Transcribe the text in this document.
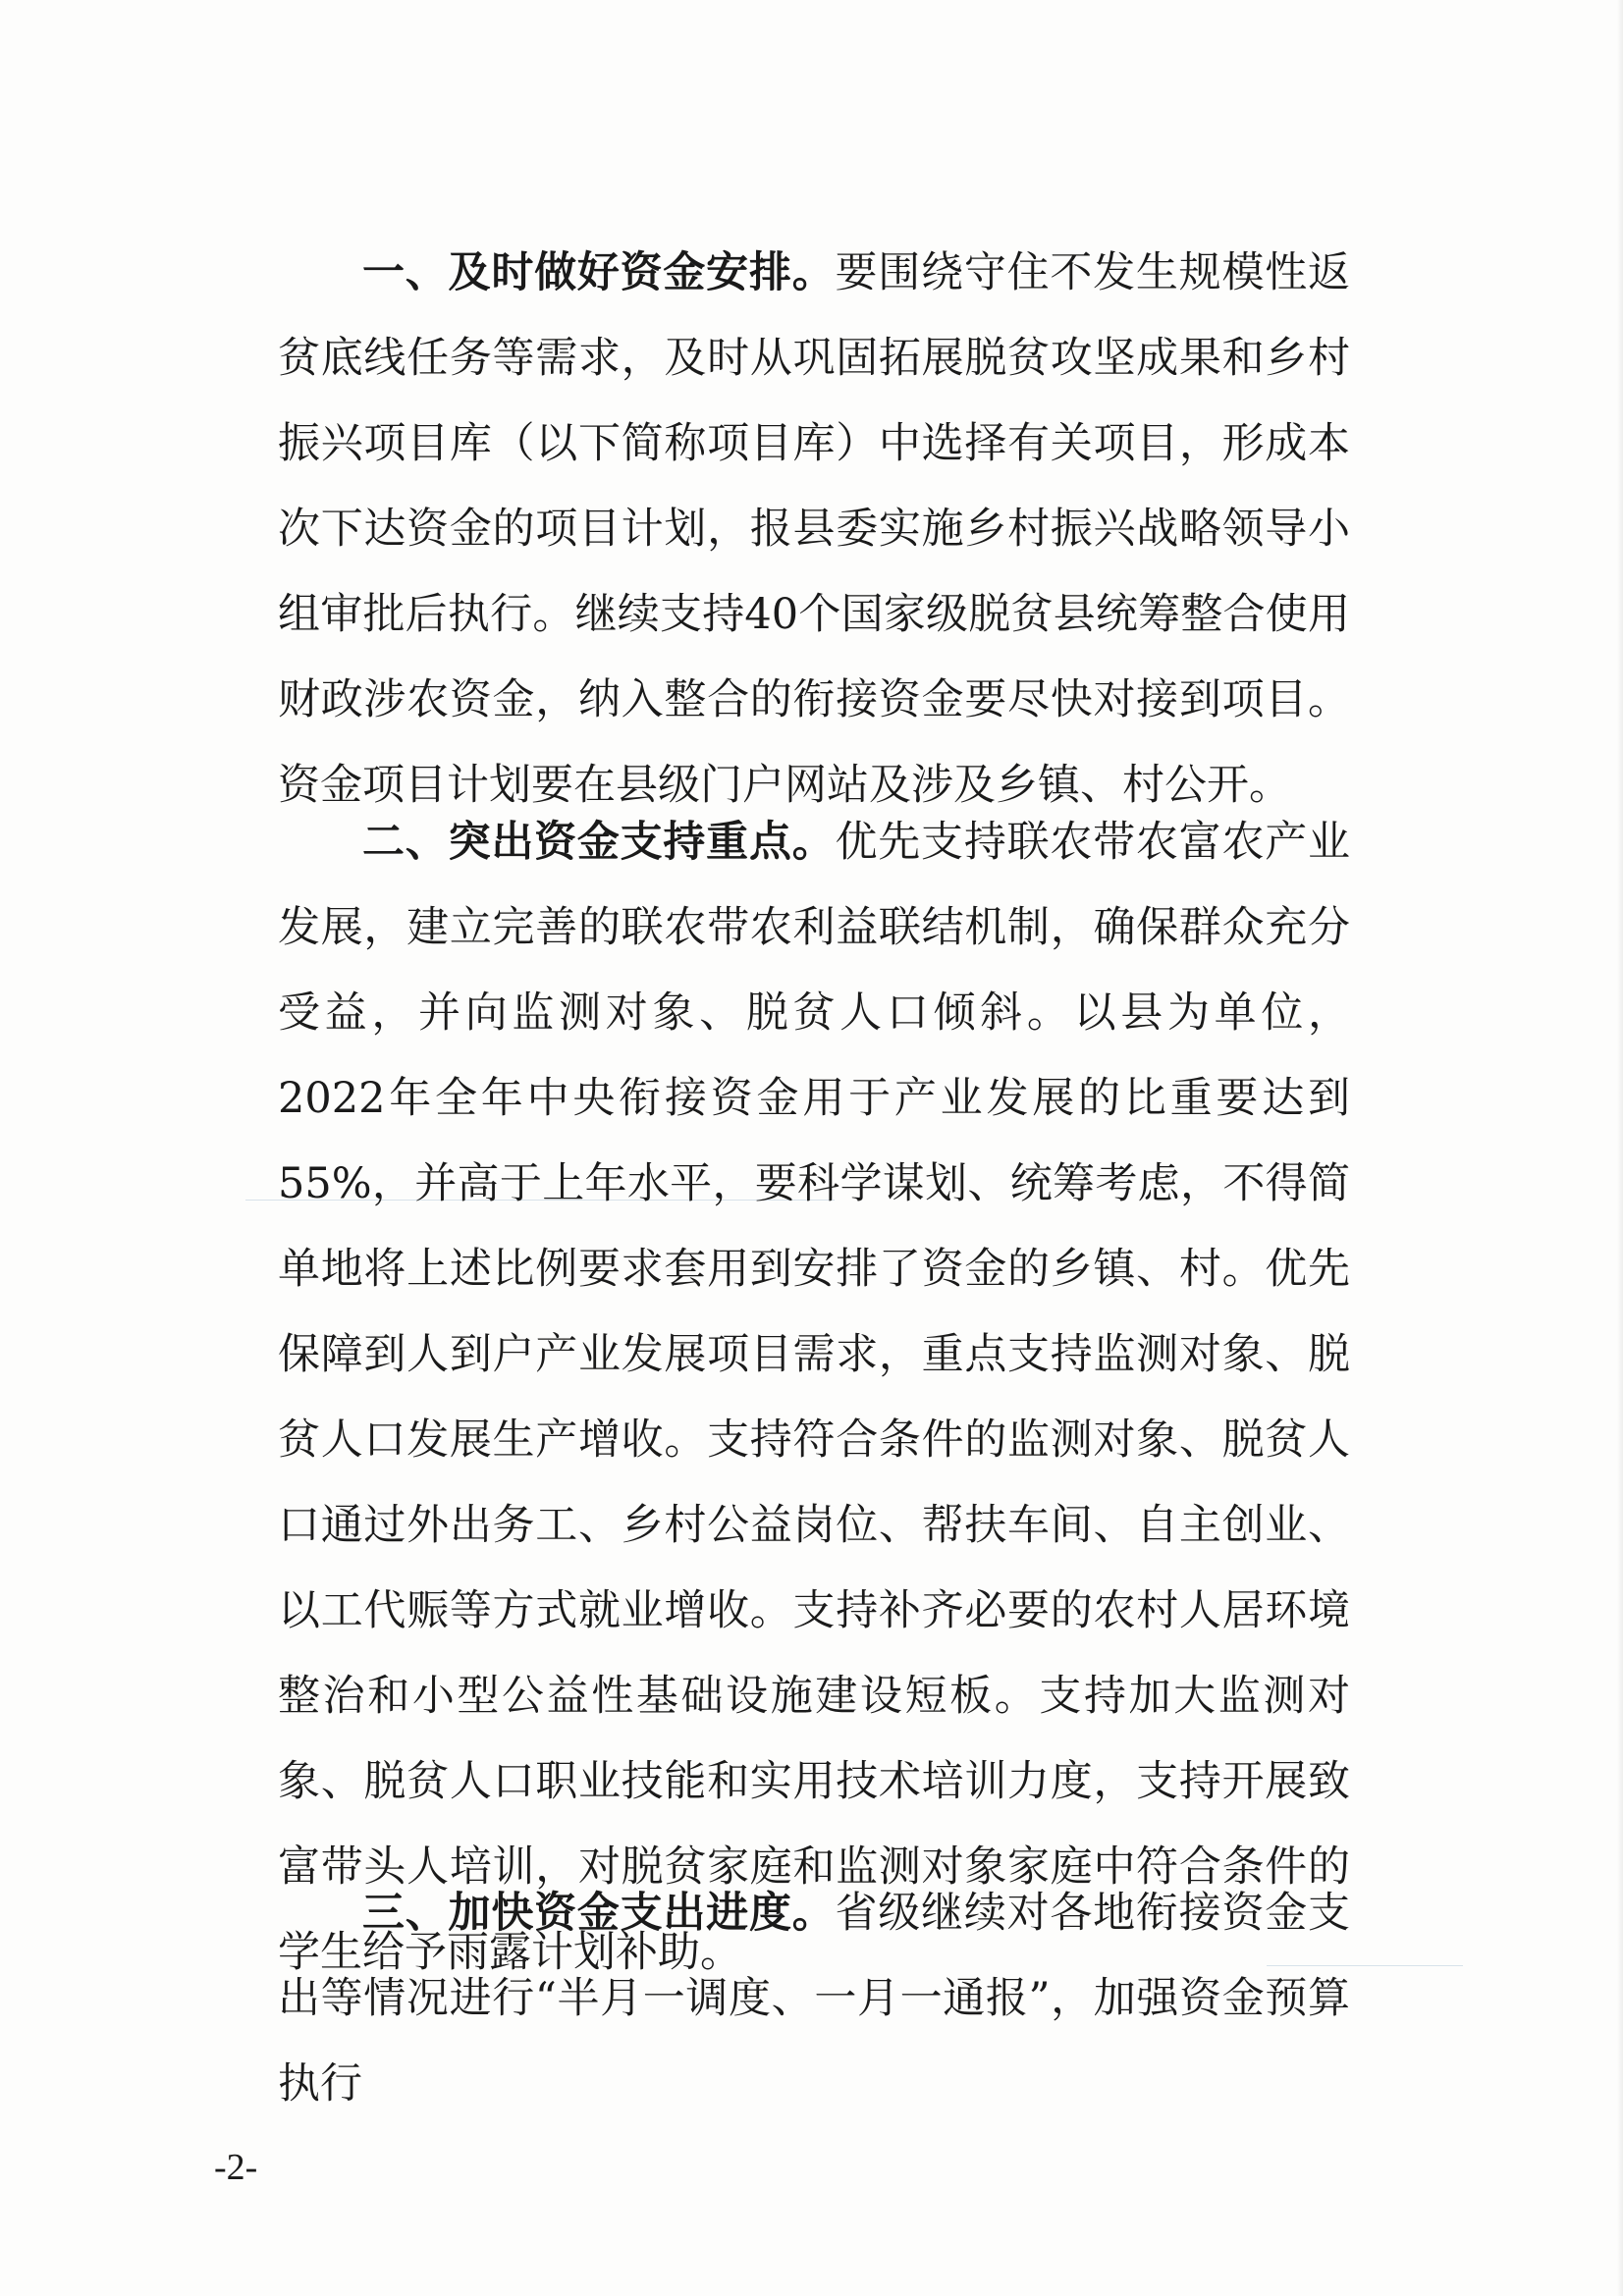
一、及时做好资金安排。要围绕守住不发生规模性返贫底线任务等需求，及时从巩固拓展脱贫攻坚成果和乡村振兴项目库（以下简称项目库）中选择有关项目，形成本次下达资金的项目计划，报县委实施乡村振兴战略领导小组审批后执行。继续支持40个国家级脱贫县统筹整合使用财政涉农资金，纳入整合的衔接资金要尽快对接到项目。资金项目计划要在县级门户网站及涉及乡镇、村公开。

二、突出资金支持重点。优先支持联农带农富农产业发展，建立完善的联农带农利益联结机制，确保群众充分受益，并向监测对象、脱贫人口倾斜。以县为单位，2022年全年中央衔接资金用于产业发展的比重要达到55%，并高于上年水平，要科学谋划、统筹考虑，不得简单地将上述比例要求套用到安排了资金的乡镇、村。优先保障到人到户产业发展项目需求，重点支持监测对象、脱贫人口发展生产增收。支持符合条件的监测对象、脱贫人口通过外出务工、乡村公益岗位、帮扶车间、自主创业、以工代赈等方式就业增收。支持补齐必要的农村人居环境整治和小型公益性基础设施建设短板。支持加大监测对象、脱贫人口职业技能和实用技术培训力度，支持开展致富带头人培训，对脱贫家庭和监测对象家庭中符合条件的学生给予雨露计划补助。

三、加快资金支出进度。省级继续对各地衔接资金支出等情况进行“半月一调度、一月一通报”，加强资金预算执行

-2-
